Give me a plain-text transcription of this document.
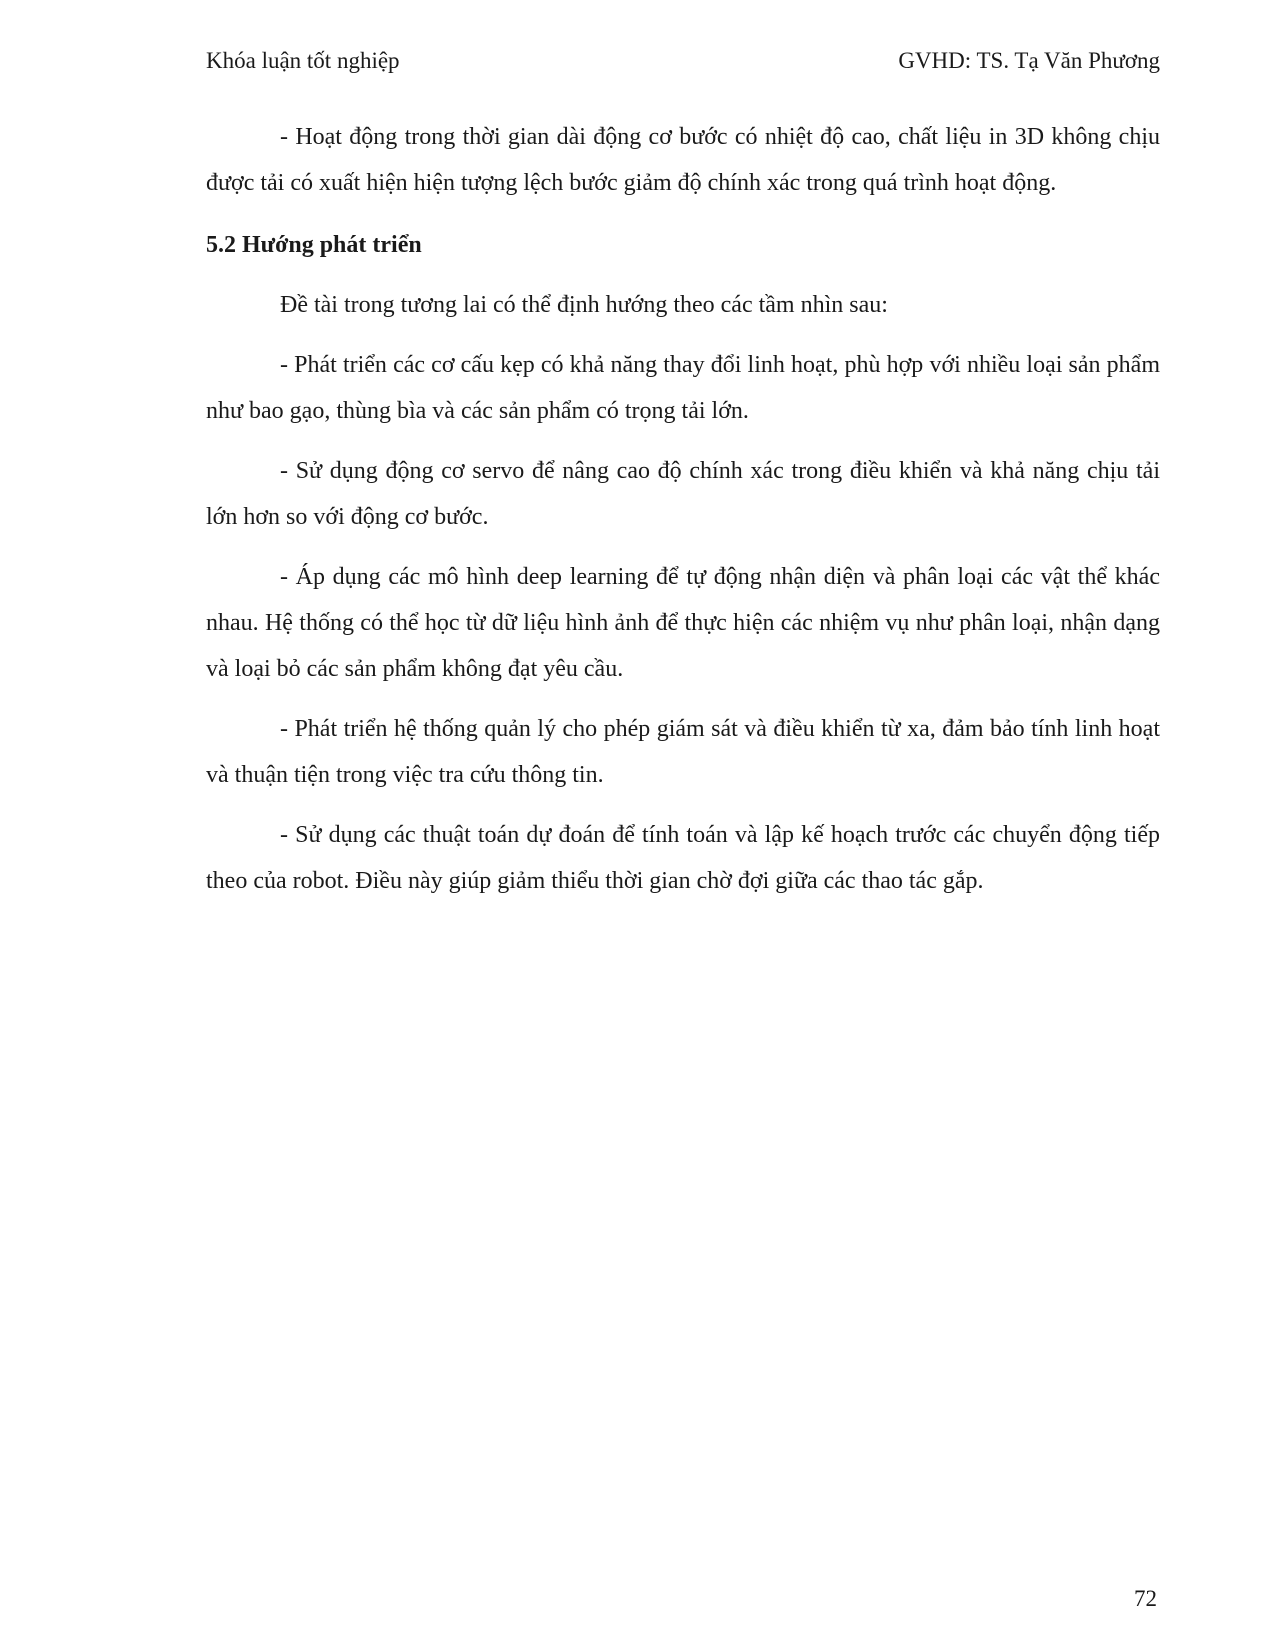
Khóa luận tốt nghiệp	GVHD: TS. Tạ Văn Phương

- Hoạt động trong thời gian dài động cơ bước có nhiệt độ cao, chất liệu in 3D không chịu được tải có xuất hiện hiện tượng lệch bước giảm độ chính xác trong quá trình hoạt động.

5.2 Hướng phát triển

Đề tài trong tương lai có thể định hướng theo các tầm nhìn sau:

- Phát triển các cơ cấu kẹp có khả năng thay đổi linh hoạt, phù hợp với nhiều loại sản phẩm như bao gạo, thùng bìa và các sản phẩm có trọng tải lớn.

- Sử dụng động cơ servo để nâng cao độ chính xác trong điều khiển và khả năng chịu tải lớn hơn so với động cơ bước.

- Áp dụng các mô hình deep learning để tự động nhận diện và phân loại các vật thể khác nhau. Hệ thống có thể học từ dữ liệu hình ảnh để thực hiện các nhiệm vụ như phân loại, nhận dạng và loại bỏ các sản phẩm không đạt yêu cầu.

- Phát triển hệ thống quản lý cho phép giám sát và điều khiển từ xa, đảm bảo tính linh hoạt và thuận tiện trong việc tra cứu thông tin.

- Sử dụng các thuật toán dự đoán để tính toán và lập kế hoạch trước các chuyển động tiếp theo của robot. Điều này giúp giảm thiểu thời gian chờ đợi giữa các thao tác gắp.

72
